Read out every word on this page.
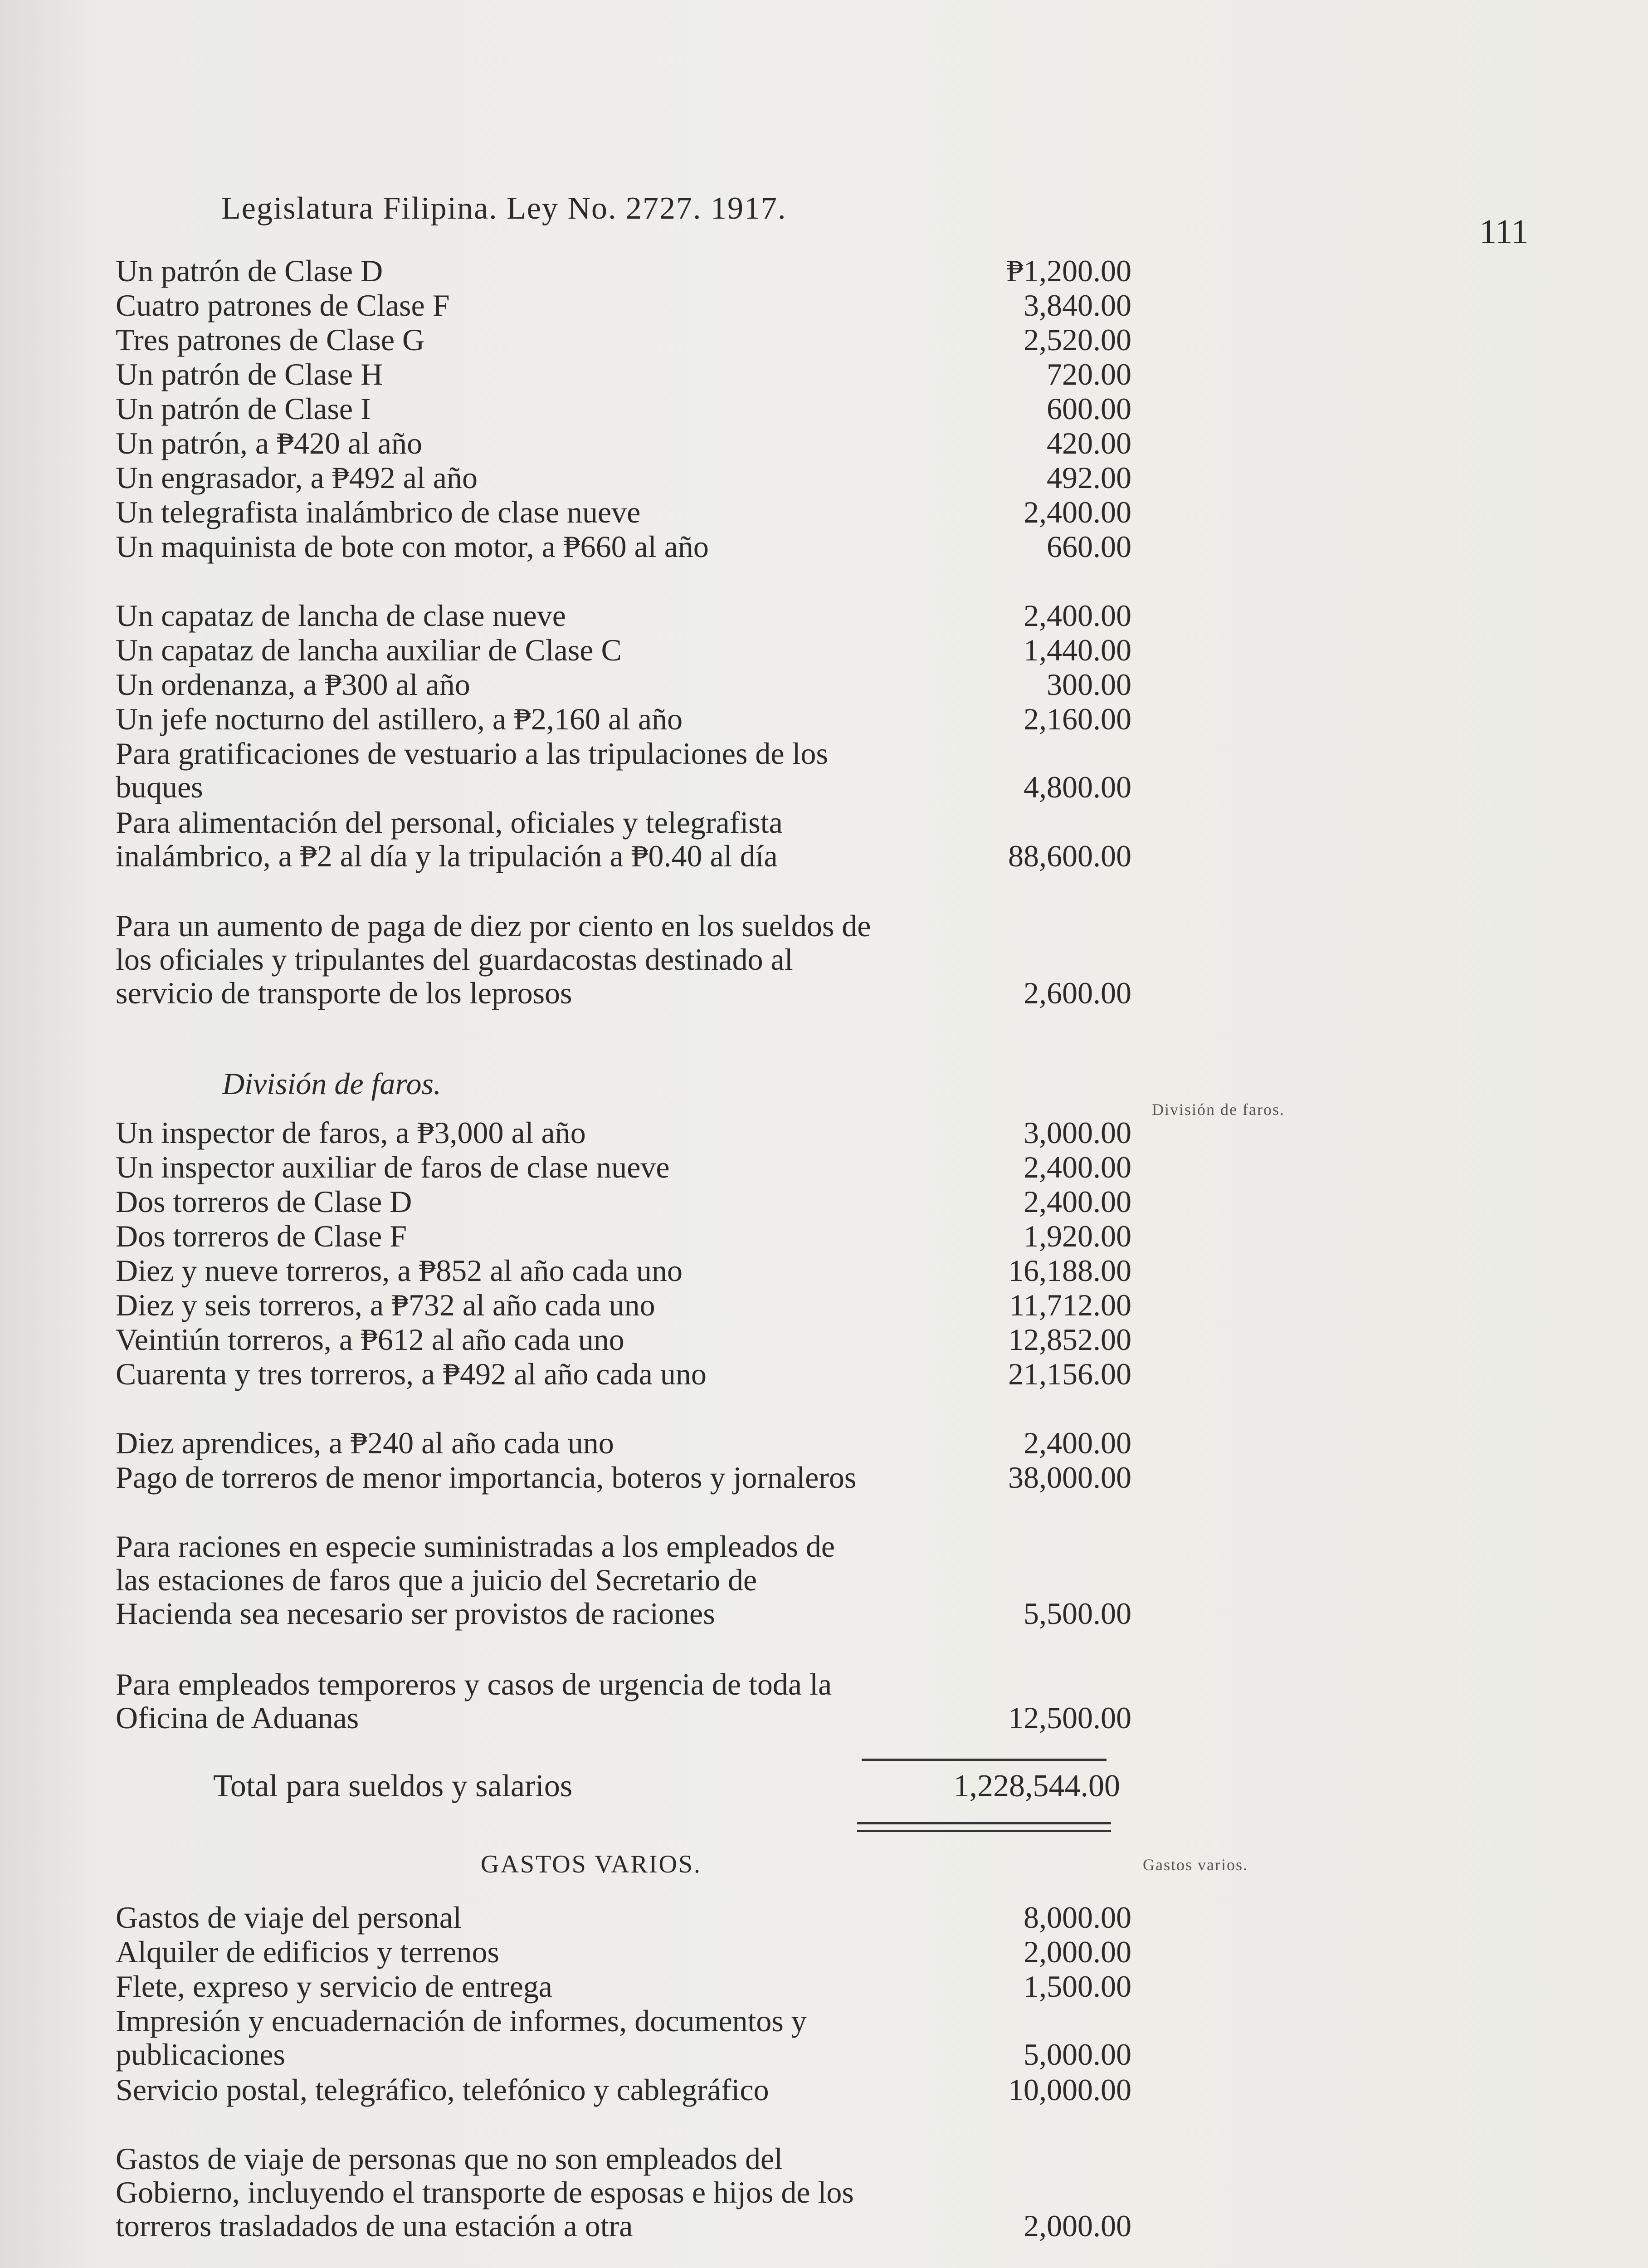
Legislatura Filipina. Ley No. 2727. 1917.
111
Un patrón de Clase D	₱1,200.00
Cuatro patrones de Clase F	3,840.00
Tres patrones de Clase G	2,520.00
Un patrón de Clase H	720.00
Un patrón de Clase I	600.00
Un patrón, a ₱420 al año	420.00
Un engrasador, a ₱492 al año	492.00
Un telegrafista inalámbrico de clase nueve	2,400.00
Un maquinista de bote con motor, a ₱660 al año	660.00
Un capataz de lancha de clase nueve	2,400.00
Un capataz de lancha auxiliar de Clase C	1,440.00
Un ordenanza, a ₱300 al año	300.00
Un jefe nocturno del astillero, a ₱2,160 al año	2,160.00
Para gratificaciones de vestuario a las tripulaciones de los buques	4,800.00
Para alimentación del personal, oficiales y telegrafista inalámbrico, a ₱2 al día y la tripulación a ₱0.40 al día	88,600.00
Para un aumento de paga de diez por ciento en los sueldos de los oficiales y tripulantes del guardacostas destinado al servicio de transporte de los leprosos	2,600.00
División de faros.
División de faros.
Un inspector de faros, a ₱3,000 al año	3,000.00
Un inspector auxiliar de faros de clase nueve	2,400.00
Dos torreros de Clase D	2,400.00
Dos torreros de Clase F	1,920.00
Diez y nueve torreros, a ₱852 al año cada uno	16,188.00
Diez y seis torreros, a ₱732 al año cada uno	11,712.00
Veintiún torreros, a ₱612 al año cada uno	12,852.00
Cuarenta y tres torreros, a ₱492 al año cada uno	21,156.00
Diez aprendices, a ₱240 al año cada uno	2,400.00
Pago de torreros de menor importancia, boteros y jornaleros	38,000.00
Para raciones en especie suministradas a los empleados de las estaciones de faros que a juicio del Secretario de Hacienda sea necesario ser provistos de raciones	5,500.00
Para empleados temporeros y casos de urgencia de toda la Oficina de Aduanas	12,500.00
Total para sueldos y salarios	1,228,544.00
GASTOS VARIOS.	Gastos varios.
Gastos de viaje del personal	8,000.00
Alquiler de edificios y terrenos	2,000.00
Flete, expreso y servicio de entrega	1,500.00
Impresión y encuadernación de informes, documentos y publicaciones	5,000.00
Servicio postal, telegráfico, telefónico y cablegráfico	10,000.00
Gastos de viaje de personas que no son empleados del Gobierno, incluyendo el transporte de esposas e hijos de los torreros trasladados de una estación a otra	2,000.00
